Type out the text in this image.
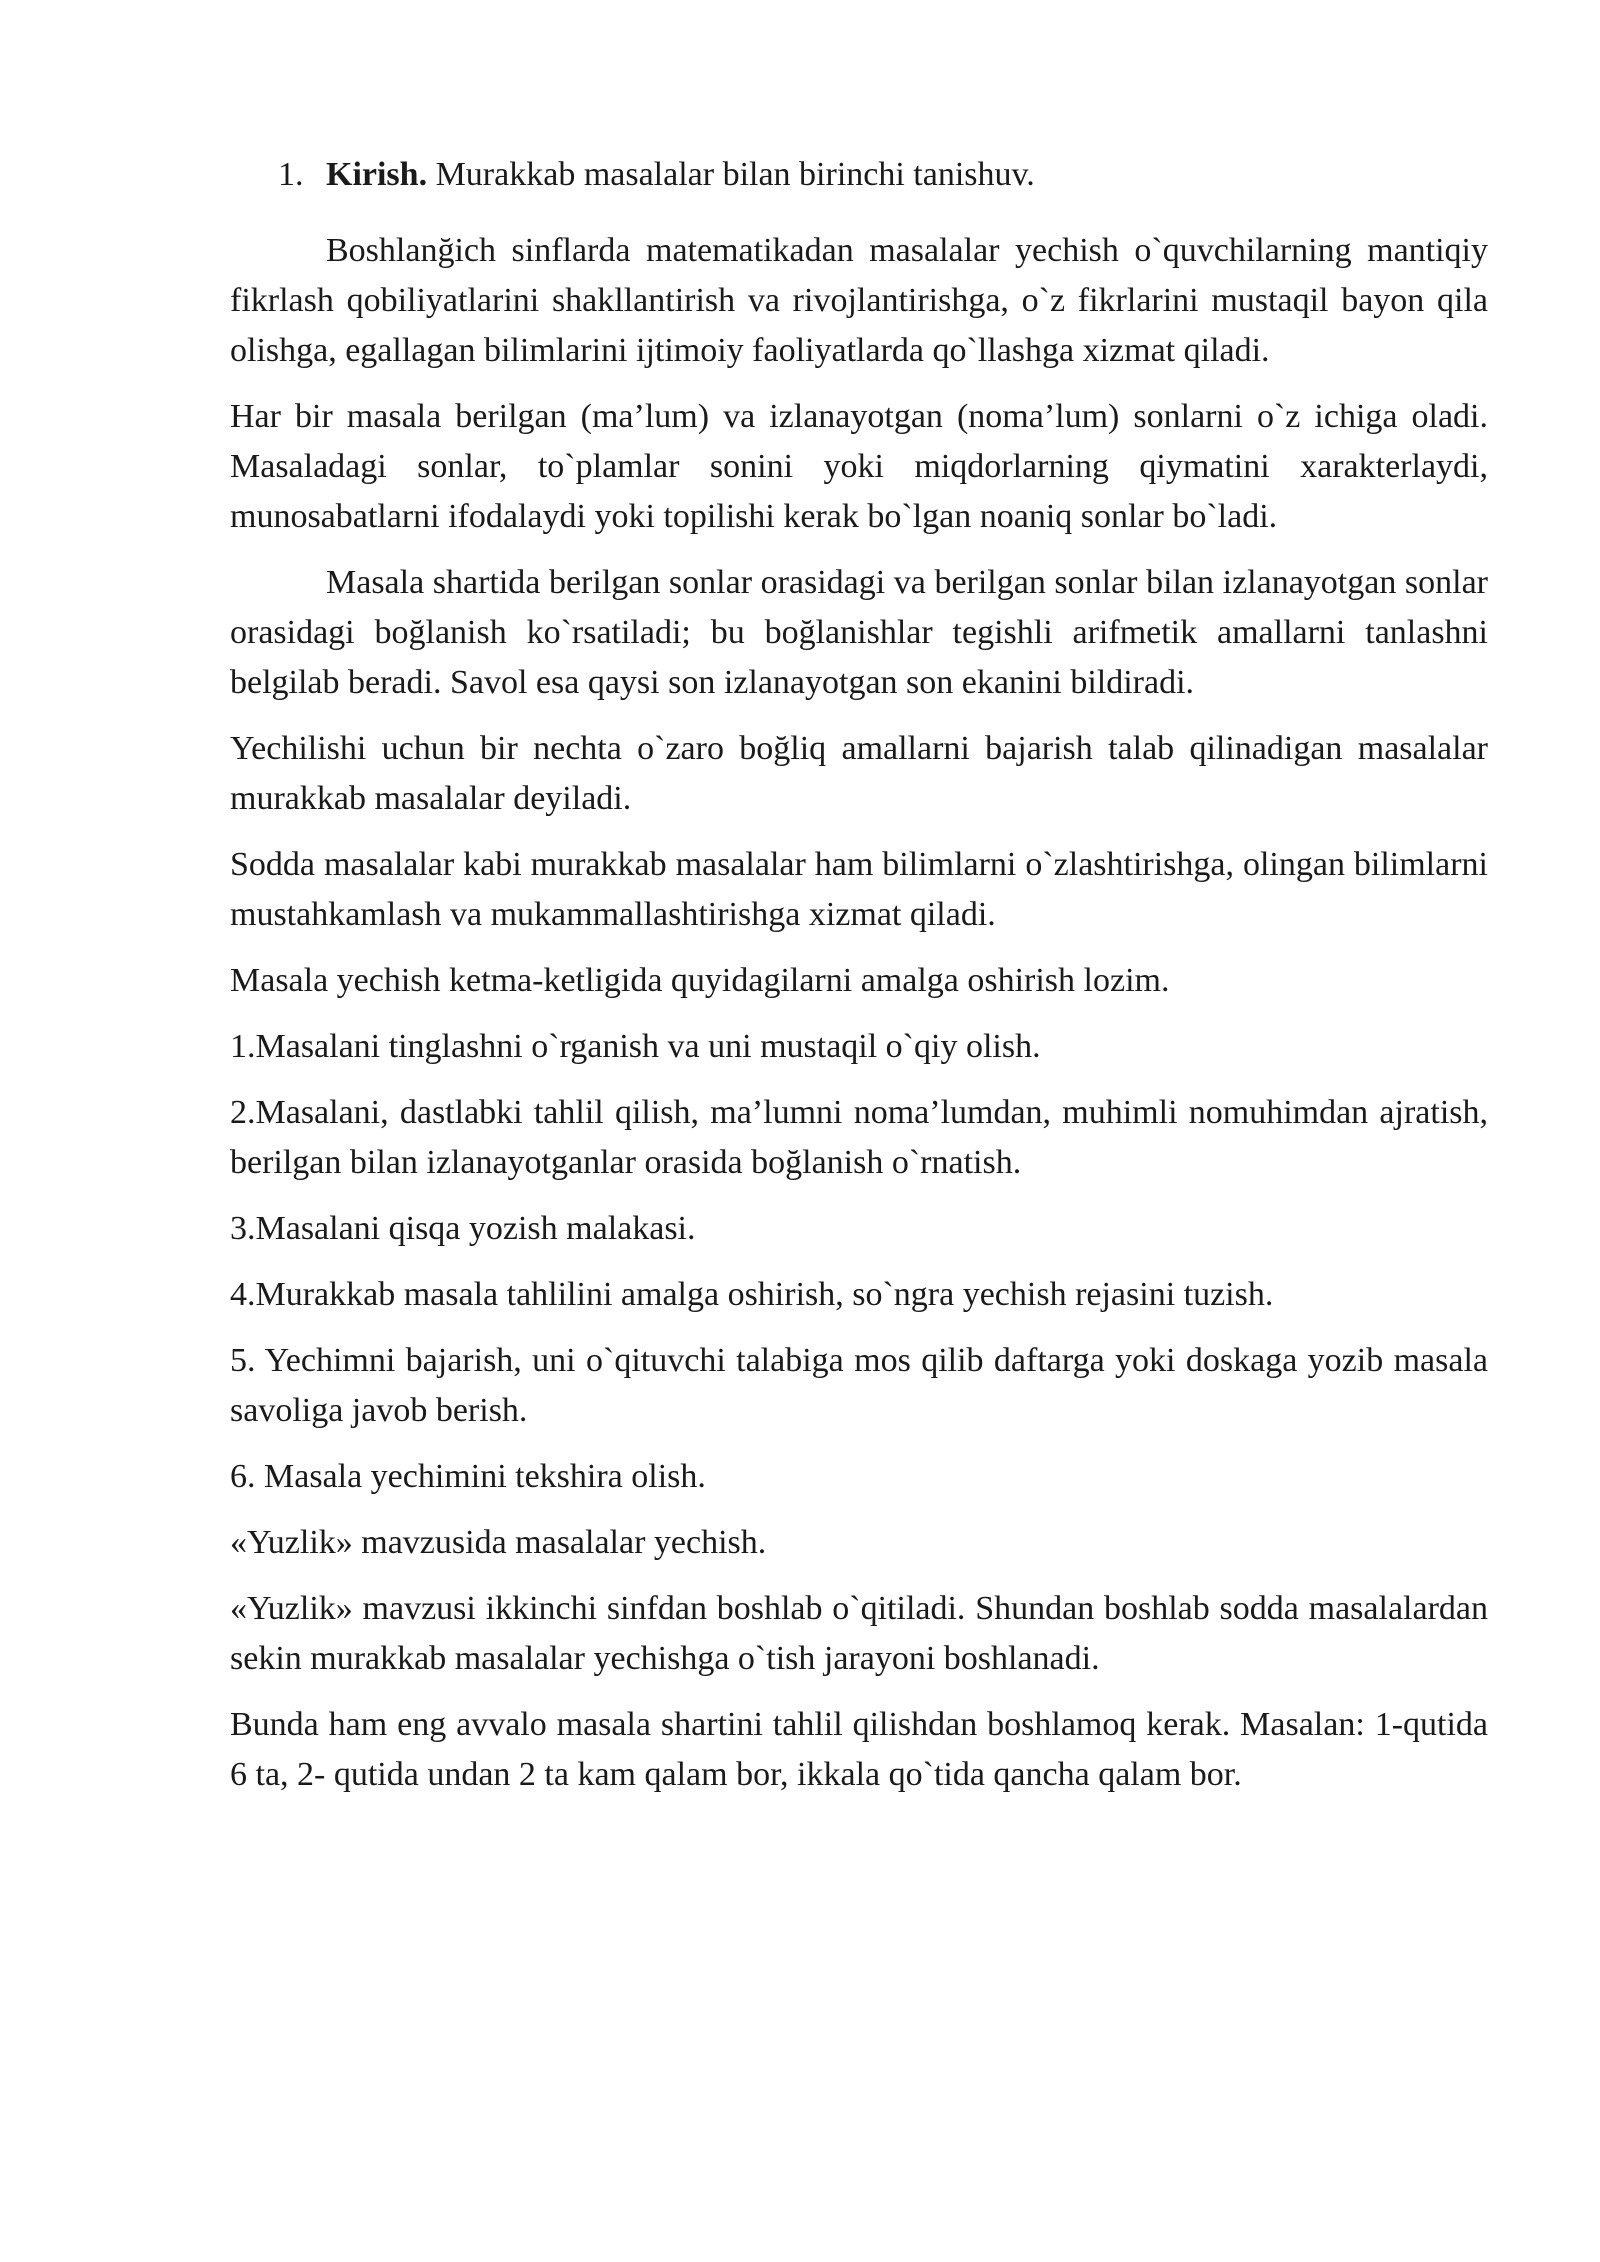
1. Kirish. Murakkab masalalar bilan birinchi tanishuv.

Boshlanğich sinflarda matematikadan masalalar yechish o`quvchilarning mantiqiy fikrlash qobiliyatlarini shakllantirish va rivojlantirishga, o`z fikrlarini mustaqil bayon qila olishga, egallagan bilimlarini ijtimoiy faoliyatlarda qo`llashga xizmat qiladi.

Har bir masala berilgan (ma’lum) va izlanayotgan (noma’lum) sonlarni o`z ichiga oladi. Masaladagi sonlar, to`plamlar sonini yoki miqdorlarning qiymatini xarakterlaydi, munosabatlarni ifodalaydi yoki topilishi kerak bo`lgan noaniq sonlar bo`ladi.

Masala shartida berilgan sonlar orasidagi va berilgan sonlar bilan izlanayotgan sonlar orasidagi boğlanish ko`rsatiladi; bu boğlanishlar tegishli arifmetik amallarni tanlashni belgilab beradi. Savol esa qaysi son izlanayotgan son ekanini bildiradi.

Yechilishi uchun bir nechta o`zaro boğliq amallarni bajarish talab qilinadigan masalalar murakkab masalalar deyiladi.

Sodda masalalar kabi murakkab masalalar ham bilimlarni o`zlashtirishga, olingan bilimlarni mustahkamlash va mukammallashtirishga xizmat qiladi.

Masala yechish ketma-ketligida quyidagilarni amalga oshirish lozim.

1.Masalani tinglashni o`rganish va uni mustaqil o`qiy olish.

2.Masalani, dastlabki tahlil qilish, ma’lumni noma’lumdan, muhimli nomuhimdan ajratish, berilgan bilan izlanayotganlar orasida boğlanish o`rnatish.

3.Masalani qisqa yozish malakasi.

4.Murakkab masala tahlilini amalga oshirish, so`ngra yechish rejasini tuzish.

5. Yechimni bajarish, uni o`qituvchi talabiga mos qilib daftarga yoki doskaga yozib masala savoliga javob berish.

6. Masala yechimini tekshira olish.

«Yuzlik» mavzusida masalalar yechish.

«Yuzlik» mavzusi ikkinchi sinfdan boshlab o`qitiladi. Shundan boshlab sodda masalalardan sekin murakkab masalalar yechishga o`tish jarayoni boshlanadi.

Bunda ham eng avvalo masala shartini tahlil qilishdan boshlamoq kerak. Masalan: 1-qutida 6 ta, 2- qutida undan 2 ta kam qalam bor, ikkala qo`tida qancha qalam bor.
